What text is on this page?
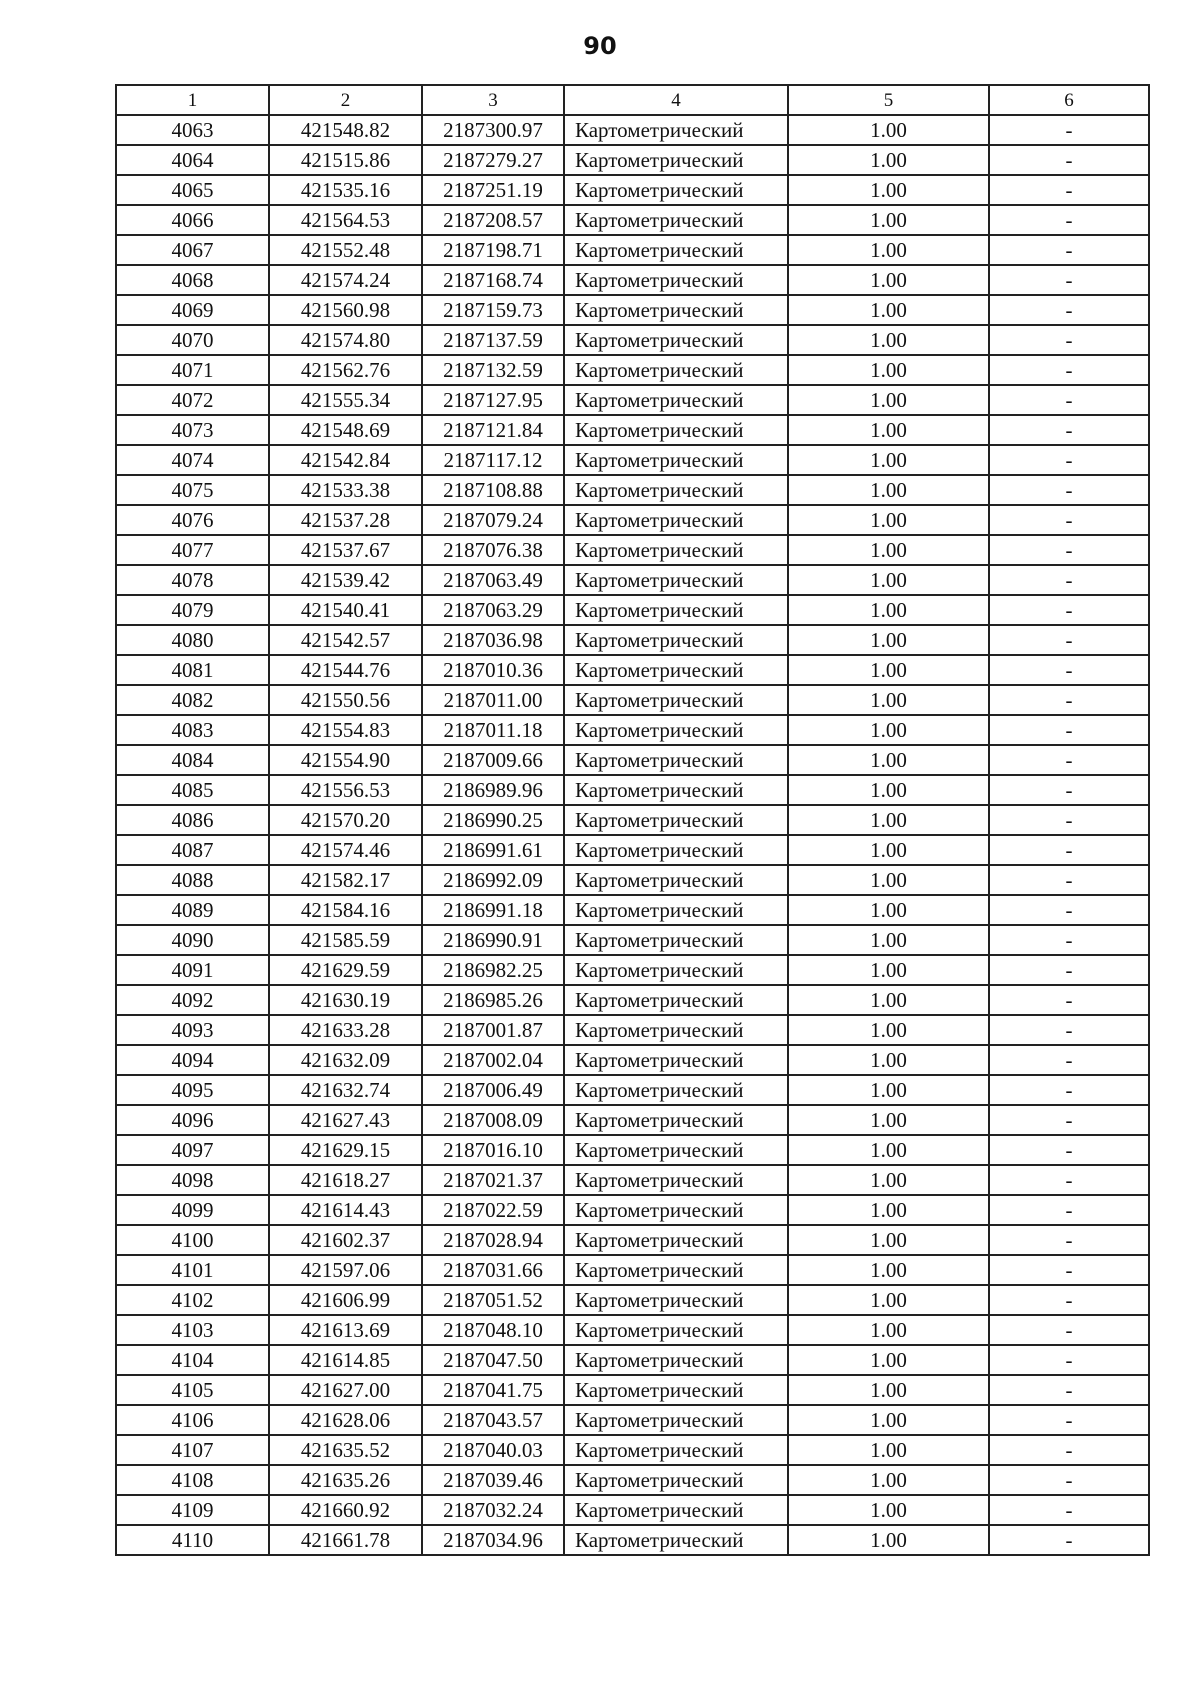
90
1	2	3	4	5	6
4063	421548.82	2187300.97	Картометрический	1.00	-
4064	421515.86	2187279.27	Картометрический	1.00	-
4065	421535.16	2187251.19	Картометрический	1.00	-
4066	421564.53	2187208.57	Картометрический	1.00	-
4067	421552.48	2187198.71	Картометрический	1.00	-
4068	421574.24	2187168.74	Картометрический	1.00	-
4069	421560.98	2187159.73	Картометрический	1.00	-
4070	421574.80	2187137.59	Картометрический	1.00	-
4071	421562.76	2187132.59	Картометрический	1.00	-
4072	421555.34	2187127.95	Картометрический	1.00	-
4073	421548.69	2187121.84	Картометрический	1.00	-
4074	421542.84	2187117.12	Картометрический	1.00	-
4075	421533.38	2187108.88	Картометрический	1.00	-
4076	421537.28	2187079.24	Картометрический	1.00	-
4077	421537.67	2187076.38	Картометрический	1.00	-
4078	421539.42	2187063.49	Картометрический	1.00	-
4079	421540.41	2187063.29	Картометрический	1.00	-
4080	421542.57	2187036.98	Картометрический	1.00	-
4081	421544.76	2187010.36	Картометрический	1.00	-
4082	421550.56	2187011.00	Картометрический	1.00	-
4083	421554.83	2187011.18	Картометрический	1.00	-
4084	421554.90	2187009.66	Картометрический	1.00	-
4085	421556.53	2186989.96	Картометрический	1.00	-
4086	421570.20	2186990.25	Картометрический	1.00	-
4087	421574.46	2186991.61	Картометрический	1.00	-
4088	421582.17	2186992.09	Картометрический	1.00	-
4089	421584.16	2186991.18	Картометрический	1.00	-
4090	421585.59	2186990.91	Картометрический	1.00	-
4091	421629.59	2186982.25	Картометрический	1.00	-
4092	421630.19	2186985.26	Картометрический	1.00	-
4093	421633.28	2187001.87	Картометрический	1.00	-
4094	421632.09	2187002.04	Картометрический	1.00	-
4095	421632.74	2187006.49	Картометрический	1.00	-
4096	421627.43	2187008.09	Картометрический	1.00	-
4097	421629.15	2187016.10	Картометрический	1.00	-
4098	421618.27	2187021.37	Картометрический	1.00	-
4099	421614.43	2187022.59	Картометрический	1.00	-
4100	421602.37	2187028.94	Картометрический	1.00	-
4101	421597.06	2187031.66	Картометрический	1.00	-
4102	421606.99	2187051.52	Картометрический	1.00	-
4103	421613.69	2187048.10	Картометрический	1.00	-
4104	421614.85	2187047.50	Картометрический	1.00	-
4105	421627.00	2187041.75	Картометрический	1.00	-
4106	421628.06	2187043.57	Картометрический	1.00	-
4107	421635.52	2187040.03	Картометрический	1.00	-
4108	421635.26	2187039.46	Картометрический	1.00	-
4109	421660.92	2187032.24	Картометрический	1.00	-
4110	421661.78	2187034.96	Картометрический	1.00	-
